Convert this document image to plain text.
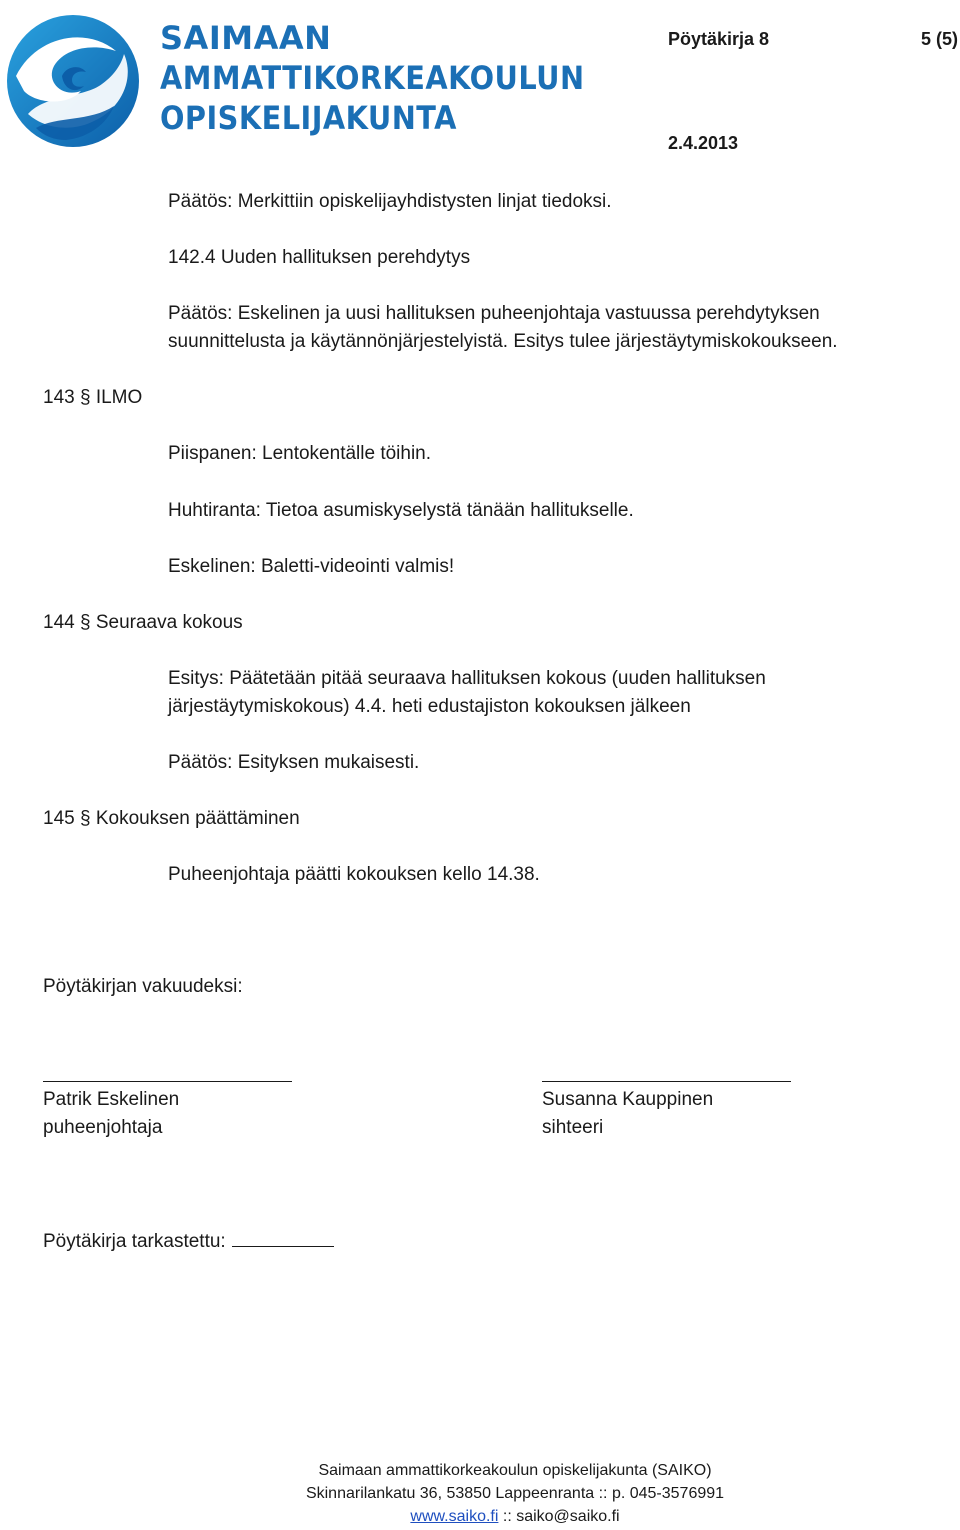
SAIMAAN
AMMATTIKORKEAKOULUN
OPISKELIJAKUNTA
Pöytäkirja 8	5 (5)
2.4.2013
Päätös: Merkittiin opiskelijayhdistysten linjat tiedoksi.
142.4 Uuden hallituksen perehdytys
Päätös: Eskelinen ja uusi hallituksen puheenjohtaja vastuussa perehdytyksen
suunnittelusta ja käytännönjärjestelyistä. Esitys tulee järjestäytymiskokoukseen.
143 § ILMO
Piispanen: Lentokentälle töihin.
Huhtiranta: Tietoa asumiskyselystä tänään hallitukselle.
Eskelinen: Baletti-videointi valmis!
144 § Seuraava kokous
Esitys: Päätetään pitää seuraava hallituksen kokous (uuden hallituksen
järjestäytymiskokous) 4.4. heti edustajiston kokouksen jälkeen
Päätös: Esityksen mukaisesti.
145 § Kokouksen päättäminen
Puheenjohtaja päätti kokouksen kello 14.38.
Pöytäkirjan vakuudeksi:
Patrik Eskelinen
puheenjohtaja
Susanna Kauppinen
sihteeri
Pöytäkirja tarkastettu:
Saimaan ammattikorkeakoulun opiskelijakunta (SAIKO)
Skinnarilankatu 36, 53850 Lappeenranta :: p. 045-3576991
www.saiko.fi :: saiko@saiko.fi
